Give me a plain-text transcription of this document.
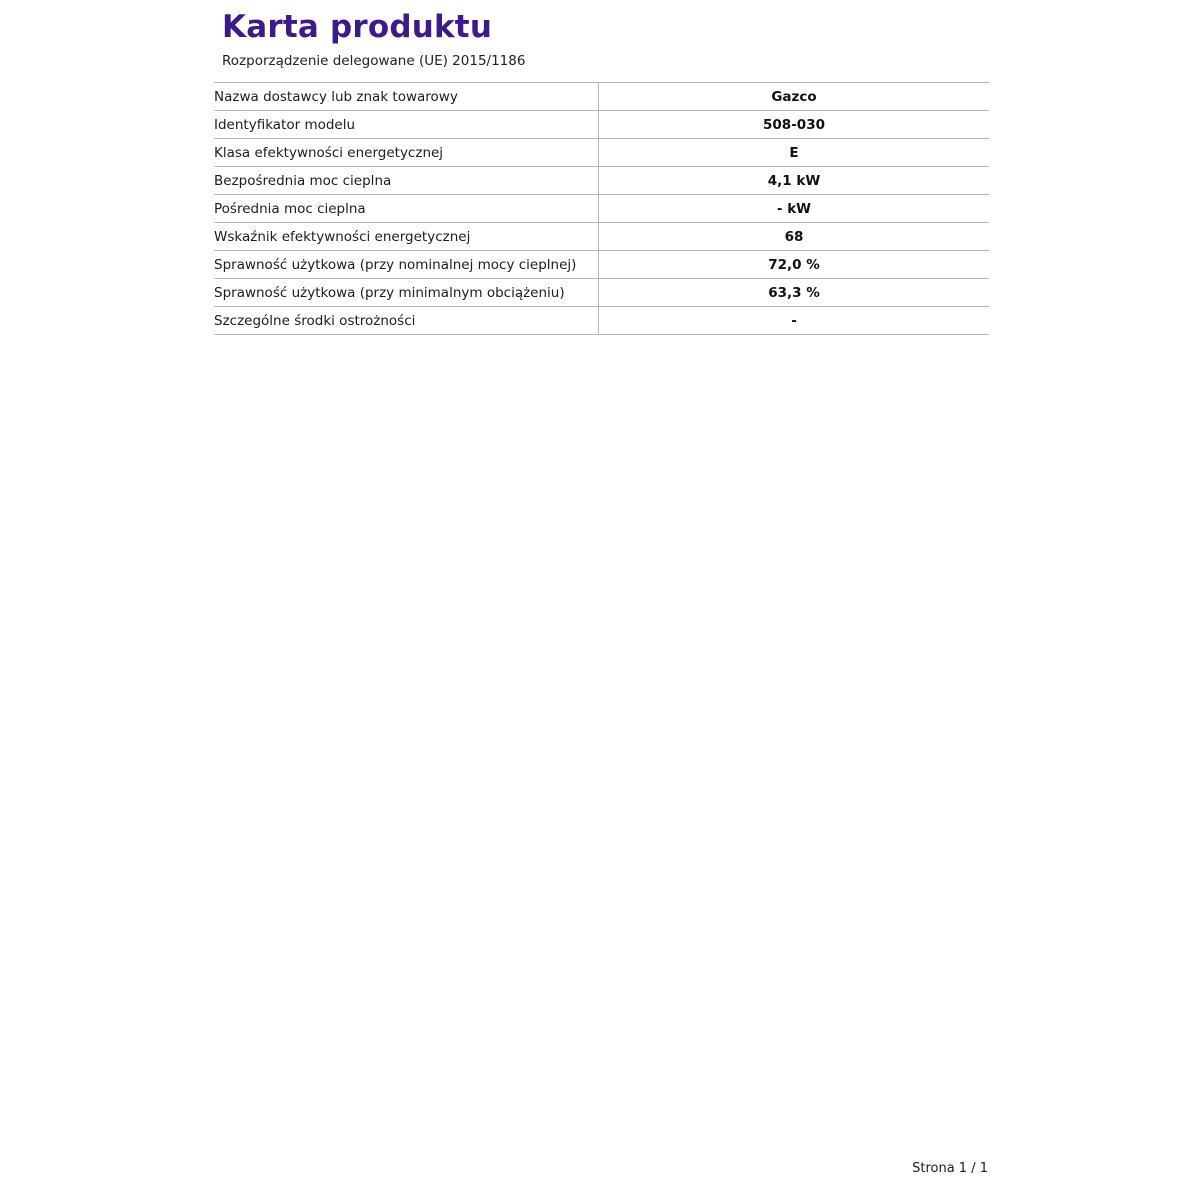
Karta produktu
Rozporządzenie delegowane (UE) 2015/1186
Nazwa dostawcy lub znak towarowy	Gazco
Identyfikator modelu	508-030
Klasa efektywności energetycznej	E
Bezpośrednia moc cieplna	4,1 kW
Pośrednia moc cieplna	- kW
Wskaźnik efektywności energetycznej	68
Sprawność użytkowa (przy nominalnej mocy cieplnej)	72,0 %
Sprawność użytkowa (przy minimalnym obciążeniu)	63,3 %
Szczególne środki ostrożności	-
Strona 1 / 1
